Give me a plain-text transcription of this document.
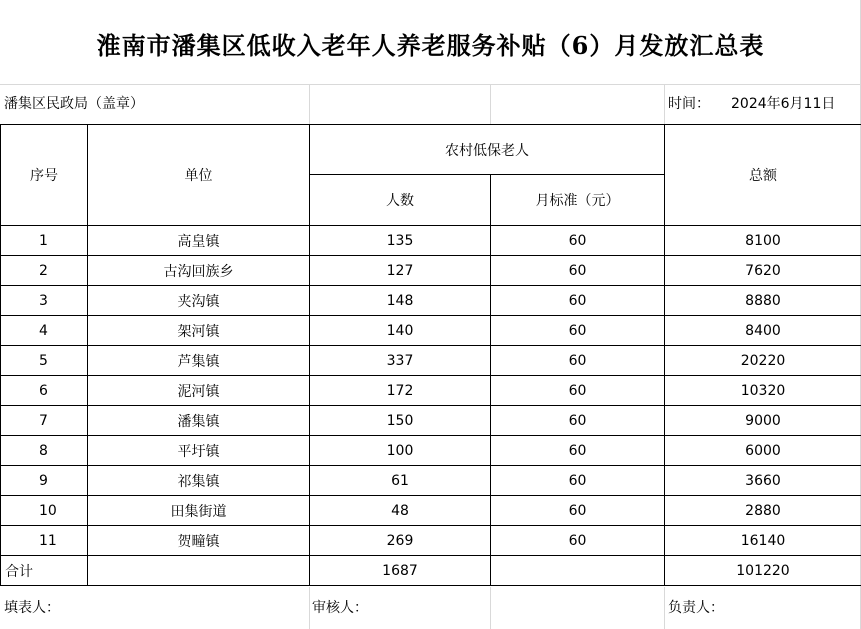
淮南市潘集区低收入老年人养老服务补贴（6）月发放汇总表
潘集区民政局（盖章）	时间： 2024年6月11日
序号	单位	农村低保老人		总额
		人数	月标准（元）	
1	高皇镇	135	60	8100
2	古沟回族乡	127	60	7620
3	夹沟镇	148	60	8880
4	架河镇	140	60	8400
5	芦集镇	337	60	20220
6	泥河镇	172	60	10320
7	潘集镇	150	60	9000
8	平圩镇	100	60	6000
9	祁集镇	61	60	3660
10	田集街道	48	60	2880
11	贺疃镇	269	60	16140
合计		1687		101220
填表人：	审核人：	负责人：
